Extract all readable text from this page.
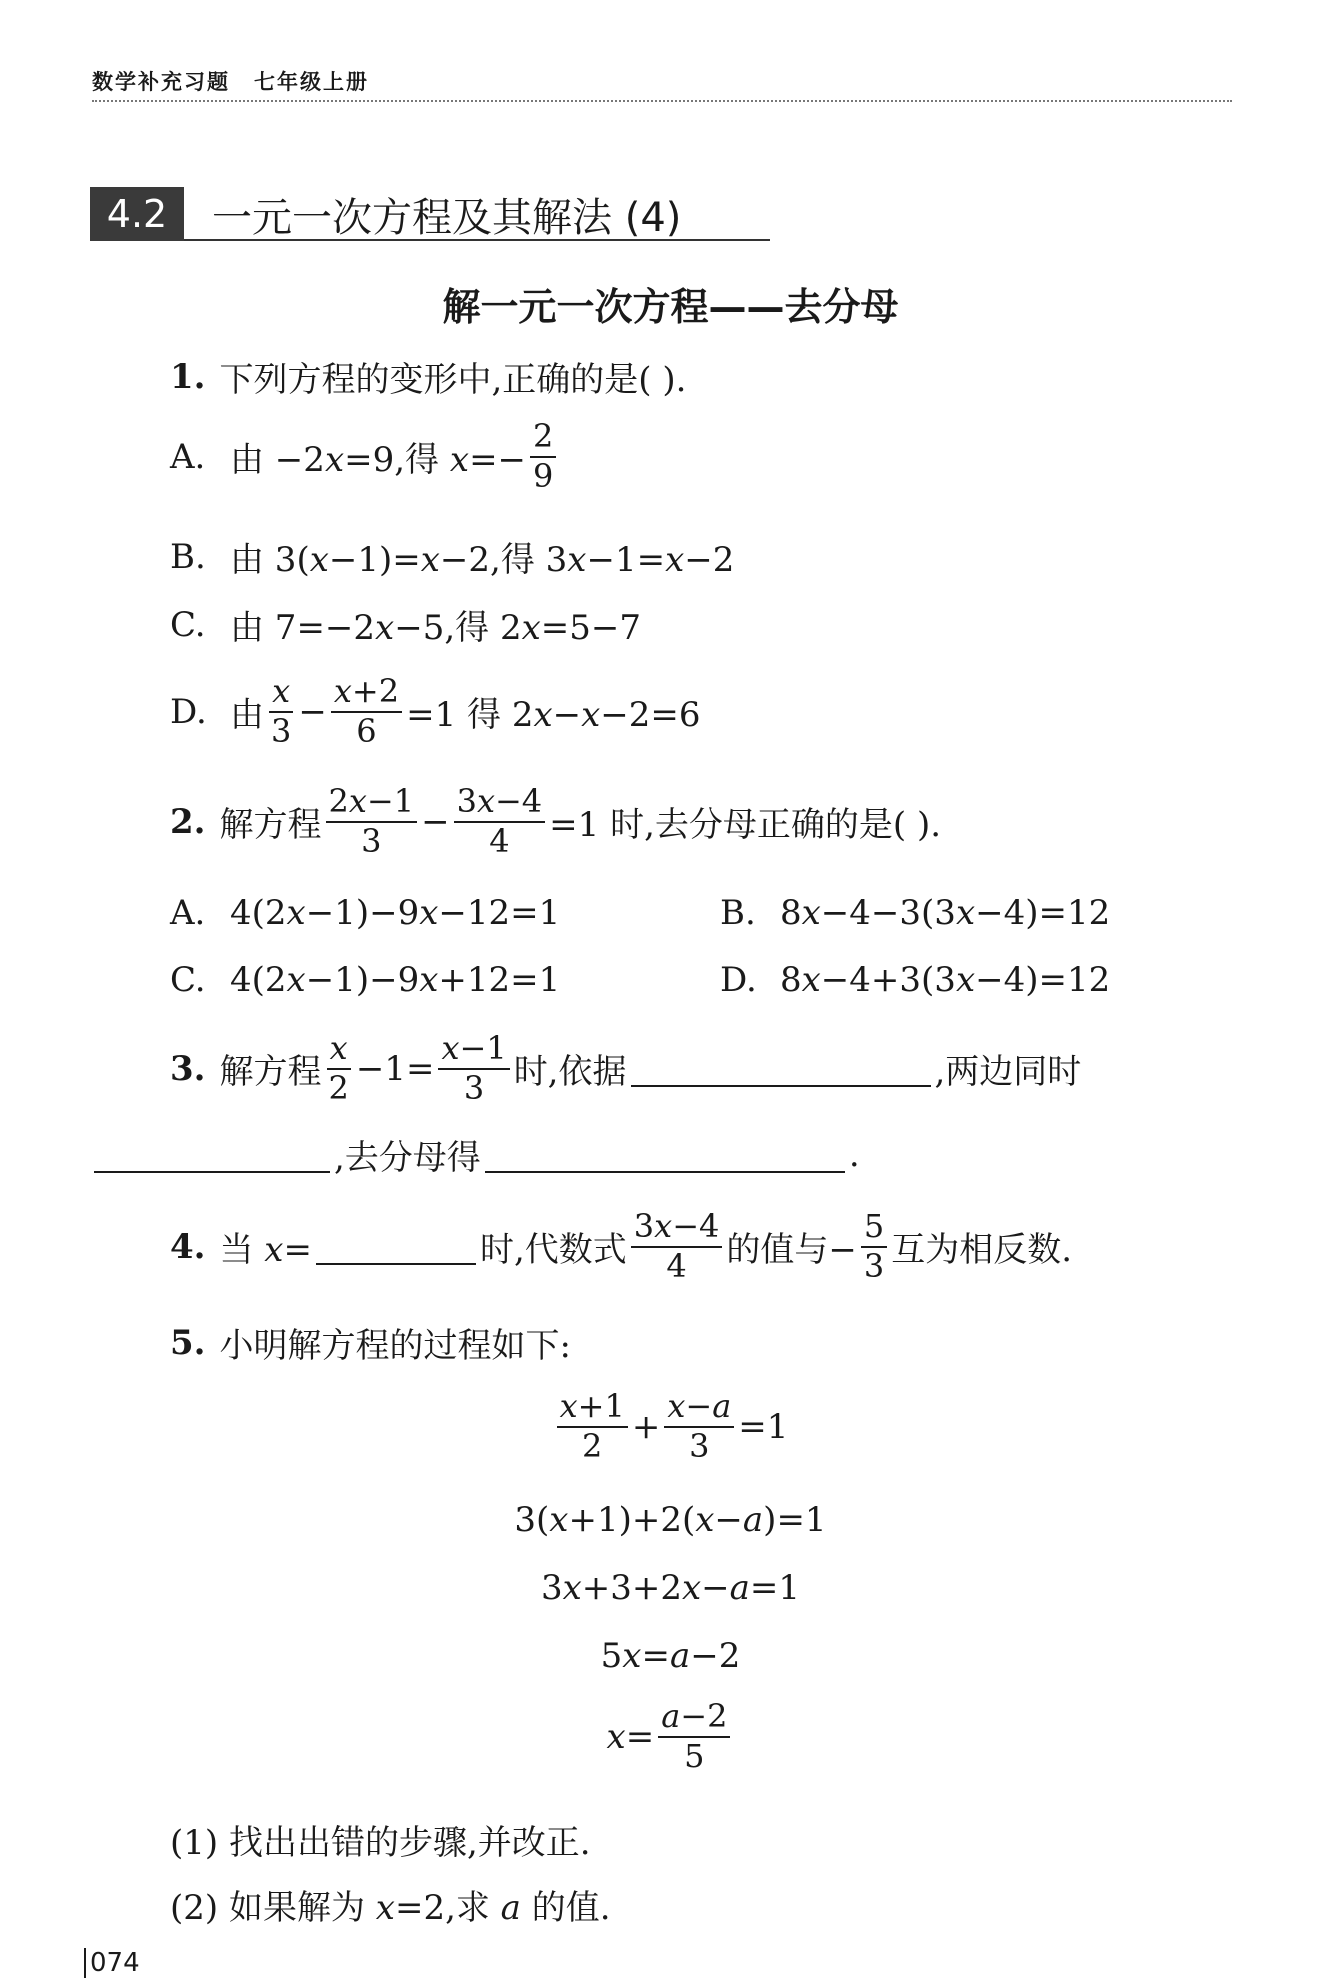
数学补充习题 七年级上册
4.2	一元一次方程及其解法 (4)
解一元一次方程——去分母
1. 下列方程的变形中,正确的是( ).
A. 由 −2x=9,得 $x=- \frac{2}{9}$
B. 由 3(𝑥−1)=𝑥−2,得 3𝑥−1=𝑥−2
C. 由 7=−2𝑥−5,得 2𝑥=5−7
D. 由 $\frac{\text{𝑥}}{3} - \frac{\text{𝑥+2}}{6} =1$ 得 2𝑥−𝑥−2=6
2. 解方程 $\frac{\text{2𝑥−1}}{3} - \frac{\text{3𝑥−4}}{4} =1$ 时,去分母正确的是( ).
A. 4(2𝑥−1)−9𝑥−12=1	B. 8𝑥−4−3(3𝑥−4)=12
C. 4(2𝑥−1)−9𝑥+12=1	D. 8𝑥−4+3(3𝑥−4)=12
3. 解方程 $\frac{\text{𝑥}}{2} -1= \frac{\text{𝑥−1}}{3}$ 时,依据	,两边同时
,去分母得	.
4. 当 𝑥=	时,代数式 $\frac{\text{3𝑥−4}}{4}$ 的值与− $\frac{5}{3}$ 互为相反数.
5. 小明解方程的过程如下:
$\frac{\text{𝑥+1}}{2} + \frac{\text{𝑥−𝑎}}{3} =1$
3(𝑥+1)+2(𝑥−𝑎)=1
3𝑥+3+2𝑥−𝑎=1
5𝑥=𝑎−2
𝑥= $\frac{\text{𝑎−2}}{5}$
(1) 找出出错的步骤,并改正.
(2) 如果解为 𝑥=2,求 𝑎 的值.
074
